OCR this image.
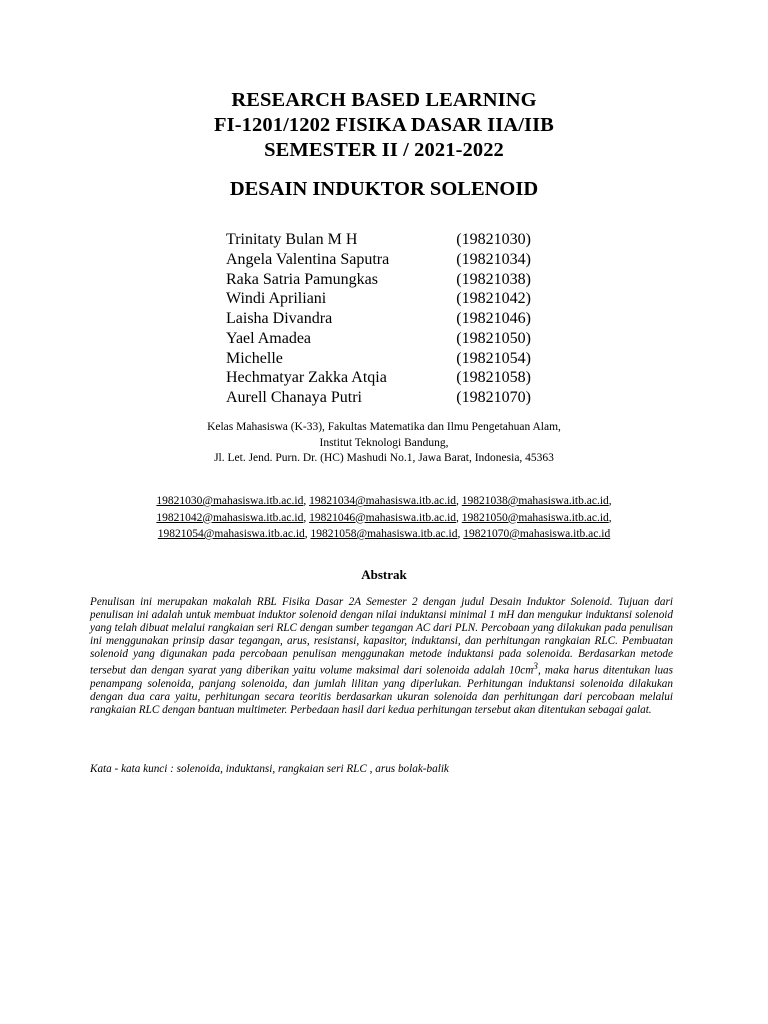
RESEARCH BASED LEARNING
FI-1201/1202 FISIKA DASAR IIA/IIB
SEMESTER II / 2021-2022
DESAIN INDUKTOR SOLENOID
Trinitaty Bulan M H	(19821030)
Angela Valentina Saputra	(19821034)
Raka Satria Pamungkas	(19821038)
Windi Apriliani	(19821042)
Laisha Divandra	(19821046)
Yael Amadea	(19821050)
Michelle	(19821054)
Hechmatyar Zakka Atqia	(19821058)
Aurell Chanaya Putri	(19821070)
Kelas Mahasiswa (K-33), Fakultas Matematika dan Ilmu Pengetahuan Alam,
Institut Teknologi Bandung,
Jl. Let. Jend. Purn. Dr. (HC) Mashudi No.1, Jawa Barat, Indonesia, 45363
19821030@mahasiswa.itb.ac.id, 19821034@mahasiswa.itb.ac.id, 19821038@mahasiswa.itb.ac.id,
19821042@mahasiswa.itb.ac.id, 19821046@mahasiswa.itb.ac.id, 19821050@mahasiswa.itb.ac.id,
19821054@mahasiswa.itb.ac.id, 19821058@mahasiswa.itb.ac.id, 19821070@mahasiswa.itb.ac.id
Abstrak
Penulisan ini merupakan makalah RBL Fisika Dasar 2A Semester 2 dengan judul Desain Induktor Solenoid. Tujuan dari penulisan ini adalah untuk membuat induktor solenoid dengan nilai induktansi minimal 1 mH dan mengukur induktansi solenoid yang telah dibuat melalui rangkaian seri RLC dengan sumber tegangan AC dari PLN. Percobaan yang dilakukan pada penulisan ini menggunakan prinsip dasar tegangan, arus, resistansi, kapasitor, induktansi, dan perhitungan rangkaian RLC. Pembuatan solenoid yang digunakan pada percobaan penulisan menggunakan metode induktansi pada solenoida. Berdasarkan metode tersebut dan dengan syarat yang diberikan yaitu volume maksimal dari solenoida adalah $10cm^3$, maka harus ditentukan luas penampang solenoida, panjang solenoida, dan jumlah lilitan yang diperlukan. Perhitungan induktansi solenoida dilakukan dengan dua cara yaitu, perhitungan secara teoritis berdasarkan ukuran solenoida dan perhitungan dari percobaan melalui rangkaian RLC dengan bantuan multimeter. Perbedaan hasil dari kedua perhitungan tersebut akan ditentukan sebagai galat.
Kata - kata kunci : solenoida, induktansi, rangkaian seri RLC , arus bolak-balik
